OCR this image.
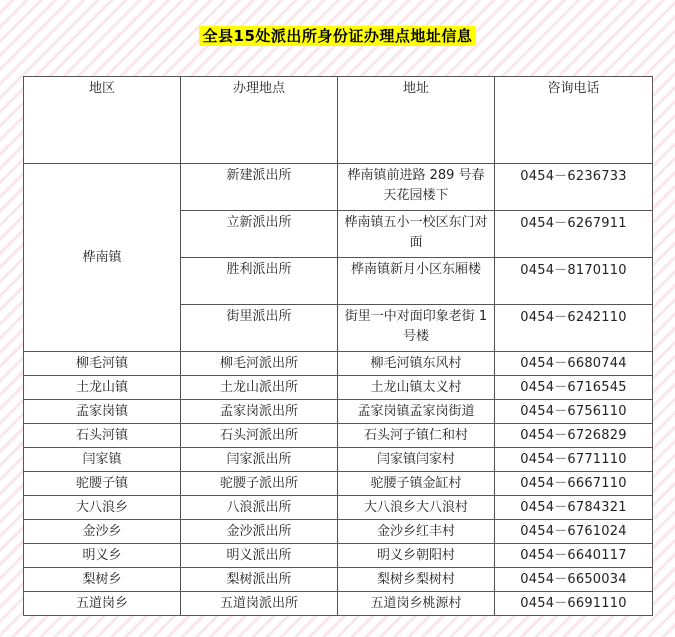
全县15处派出所身份证办理点地址信息
地区	办理地点	地址	咨询电话
桦南镇	新建派出所	桦南镇前进路 289 号春天花园楼下	0454－6236733
	立新派出所	桦南镇五小一校区东门对面	0454－6267911
	胜利派出所	桦南镇新月小区东厢楼	0454－8170110
	街里派出所	街里一中对面印象老街 1 号楼	0454－6242110
柳毛河镇	柳毛河派出所	柳毛河镇东风村	0454－6680744
土龙山镇	土龙山派出所	土龙山镇太义村	0454－6716545
孟家岗镇	孟家岗派出所	孟家岗镇孟家岗街道	0454－6756110
石头河镇	石头河派出所	石头河子镇仁和村	0454－6726829
闫家镇	闫家派出所	闫家镇闫家村	0454－6771110
驼腰子镇	驼腰子派出所	驼腰子镇金缸村	0454－6667110
大八浪乡	八浪派出所	大八浪乡大八浪村	0454－6784321
金沙乡	金沙派出所	金沙乡红丰村	0454－6761024
明义乡	明义派出所	明义乡朝阳村	0454－6640117
梨树乡	梨树派出所	梨树乡梨树村	0454－6650034
五道岗乡	五道岗派出所	五道岗乡桃源村	0454－6691110
